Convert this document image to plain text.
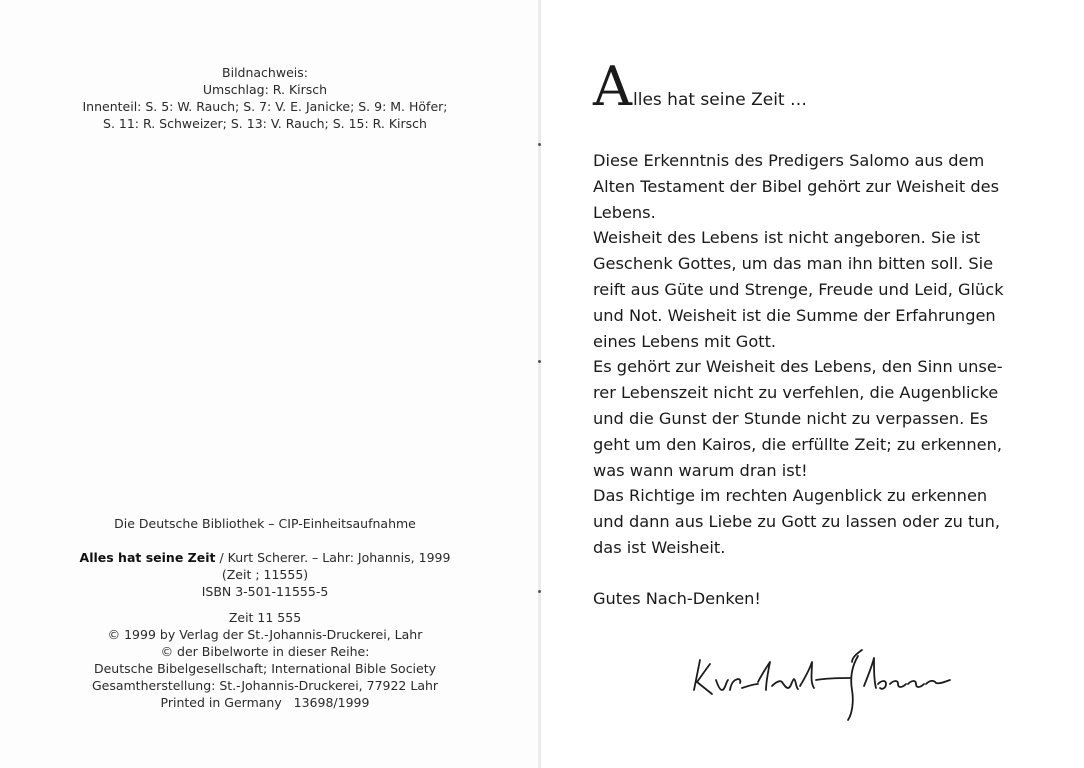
Bildnachweis:
Umschlag: R. Kirsch
Innenteil: S. 5: W. Rauch; S. 7: V. E. Janicke; S. 9: M. Höfer;
S. 11: R. Schweizer; S. 13: V. Rauch; S. 15: R. Kirsch
Die Deutsche Bibliothek – CIP-Einheitsaufnahme
Alles hat seine Zeit / Kurt Scherer. – Lahr: Johannis, 1999
(Zeit ; 11555)
ISBN 3-501-11555-5
Zeit 11 555
© 1999 by Verlag der St.-Johannis-Druckerei, Lahr
© der Bibelworte in dieser Reihe:
Deutsche Bibelgesellschaft; International Bible Society
Gesamtherstellung: St.-Johannis-Druckerei, 77922 Lahr
Printed in Germany   13698/1999
Alles hat seine Zeit …
Diese Erkenntnis des Predigers Salomo aus dem
Alten Testament der Bibel gehört zur Weisheit des
Lebens.
Weisheit des Lebens ist nicht angeboren. Sie ist
Geschenk Gottes, um das man ihn bitten soll. Sie
reift aus Güte und Strenge, Freude und Leid, Glück
und Not. Weisheit ist die Summe der Erfahrungen
eines Lebens mit Gott.
Es gehört zur Weisheit des Lebens, den Sinn unse-
rer Lebenszeit nicht zu verfehlen, die Augenblicke
und die Gunst der Stunde nicht zu verpassen. Es
geht um den Kairos, die erfüllte Zeit; zu erkennen,
was wann warum dran ist!
Das Richtige im rechten Augenblick zu erkennen
und dann aus Liebe zu Gott zu lassen oder zu tun,
das ist Weisheit.
Gutes Nach-Denken!
